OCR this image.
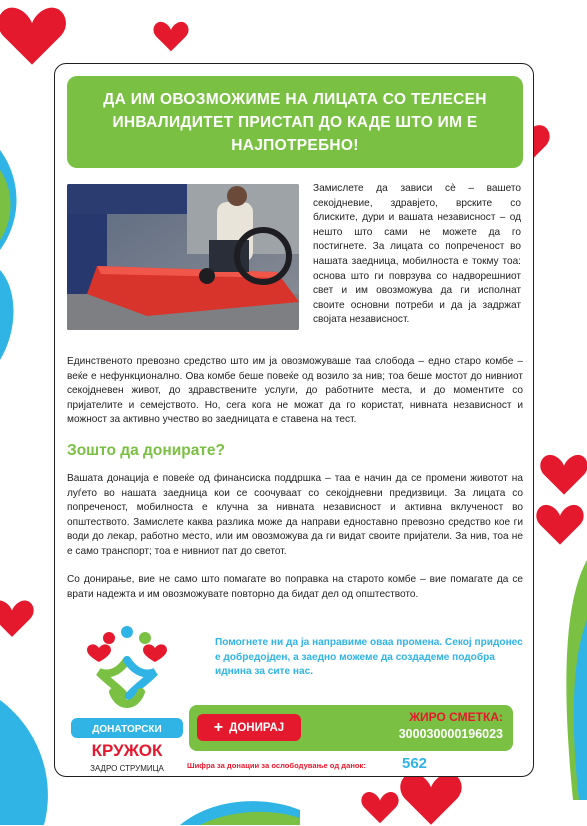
ДА ИМ ОВОЗМОЖИМЕ НА ЛИЦАТА СО ТЕЛЕСЕН ИНВАЛИДИТЕТ ПРИСТАП ДО КАДЕ ШТО ИМ Е НАЈПОТРЕБНО!

Замислете да зависи сè – вашето секојдневие, здравјето, врските со блиските, дури и вашата независност – од нешто што сами не можете да го постигнете. За лицата со попреченост во нашата заедница, мобилноста е токму тоа: основа што ги поврзува со надворешниот свет и им овозможува да ги исполнат своите основни потреби и да ја задржат својата независност.

Единственото превозно средство што им ја овозможуваше таа слобода – едно старо комбе – веќе е нефункционално. Ова комбе беше повеќе од возило за нив; тоа беше мостот до нивниот секојдневен живот, до здравствените услуги, до работните места, и до моментите со пријателите и семејството. Но, сега кога не можат да го користат, нивната независност и можност за активно учество во заедницата е ставена на тест.

Зошто да донирате?

Вашата донација е повеќе од финансиска поддршка – таа е начин да се промени животот на луѓето во нашата заедница кои се соочуваат со секојдневни предизвици. За лицата со попреченост, мобилноста е клучна за нивната независност и активна вклученост во општеството. Замислете каква разлика може да направи едноставно превозно средство кое ги води до лекар, работно место, или им овозможува да ги видат своите пријатели. За нив, тоа не е само транспорт; тоа е нивниот пат до светот.

Со донирање, вие не само што помагате во поправка на старото комбе – вие помагате да се врати надежта и им овозможувате повторно да бидат дел од општеството.

ДОНАТОРСКИ
КРУЖОК
ЗАДРО СТРУМИЦА

Помогнете ни да ја направиме оваа промена. Секој придонес е добредојден, а заедно можеме да создадеме подобра иднина за сите нас.

+ ДОНИРАЈ
ЖИРО СМЕТКА:
300030000196023
Шифра за донации за ослободување од данок: 562
